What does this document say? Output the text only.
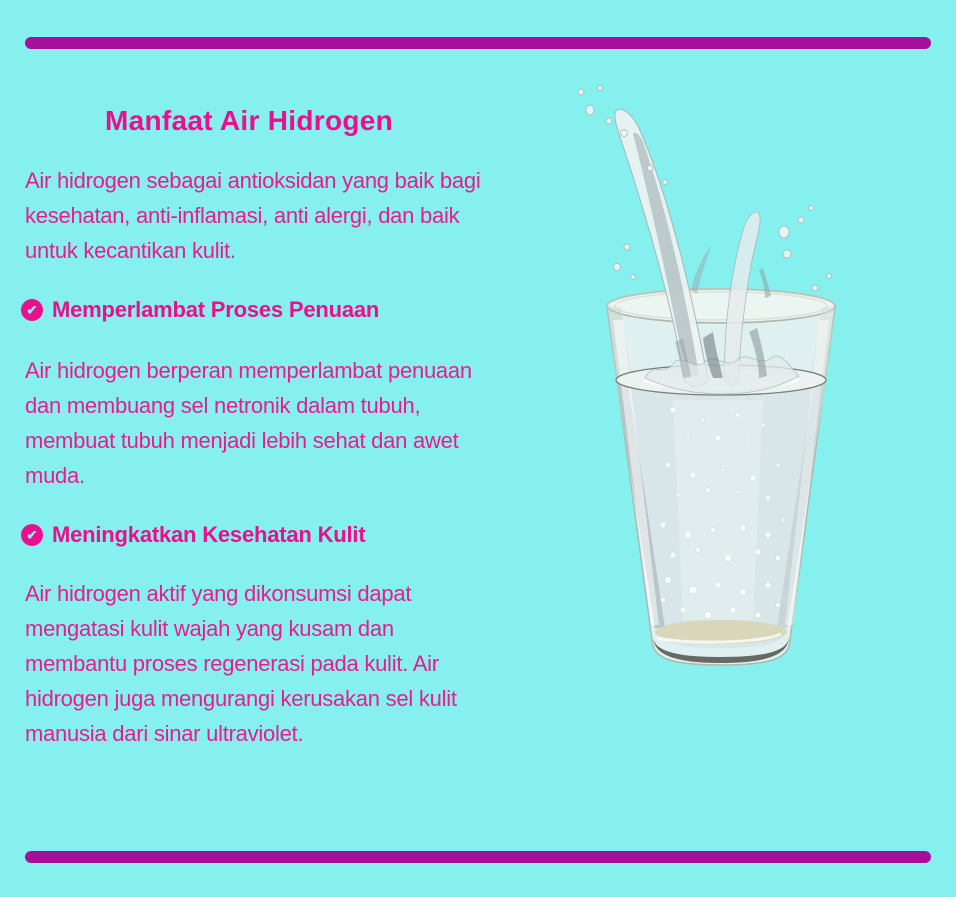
Manfaat Air Hidrogen

Air hidrogen sebagai antioksidan yang baik bagi kesehatan, anti-inflamasi, anti alergi, dan baik untuk kecantikan kulit.

✔ Memperlambat Proses Penuaan

Air hidrogen berperan memperlambat penuaan dan membuang sel netronik dalam tubuh, membuat tubuh menjadi lebih sehat dan awet muda.

✔ Meningkatkan Kesehatan Kulit

Air hidrogen aktif yang dikonsumsi dapat mengatasi kulit wajah yang kusam dan membantu proses regenerasi pada kulit. Air hidrogen juga mengurangi kerusakan sel kulit manusia dari sinar ultraviolet.
